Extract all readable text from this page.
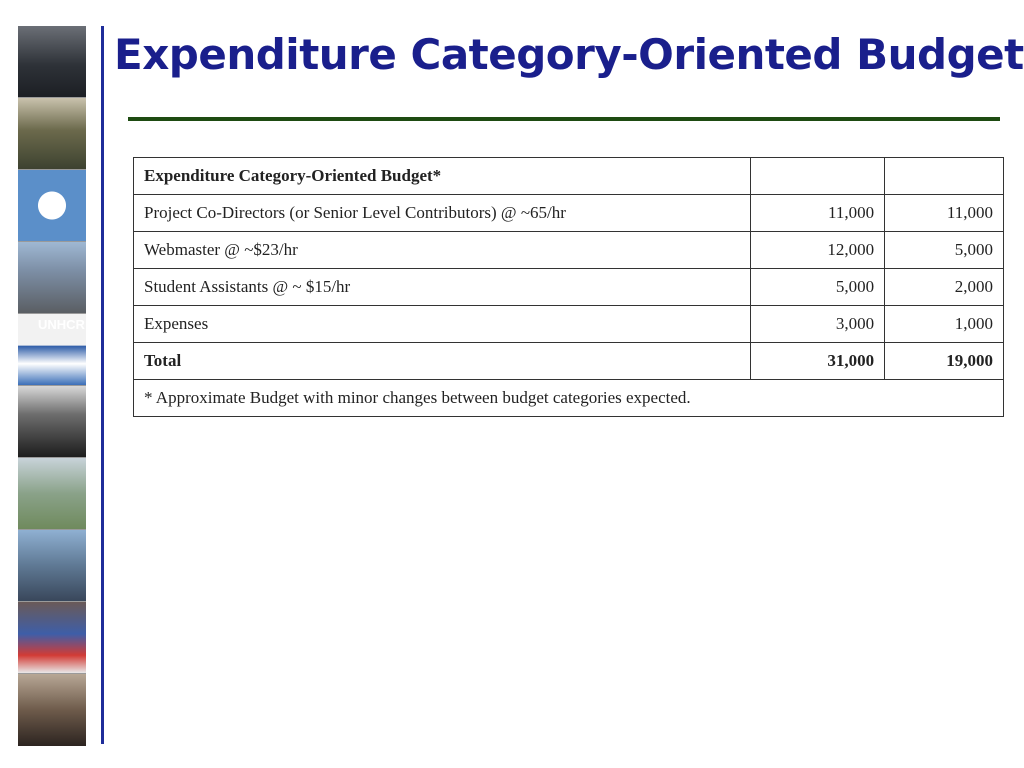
UNHCR
Expenditure Category-Oriented Budget
Expenditure Category-Oriented Budget*		
Project Co-Directors (or Senior Level Contributors) @ ~65/hr	11,000	11,000
Webmaster @ ~$23/hr	12,000	5,000
Student Assistants @ ~ $15/hr	5,000	2,000
Expenses	3,000	1,000
Total	31,000	19,000
* Approximate Budget with minor changes between budget categories expected.		
